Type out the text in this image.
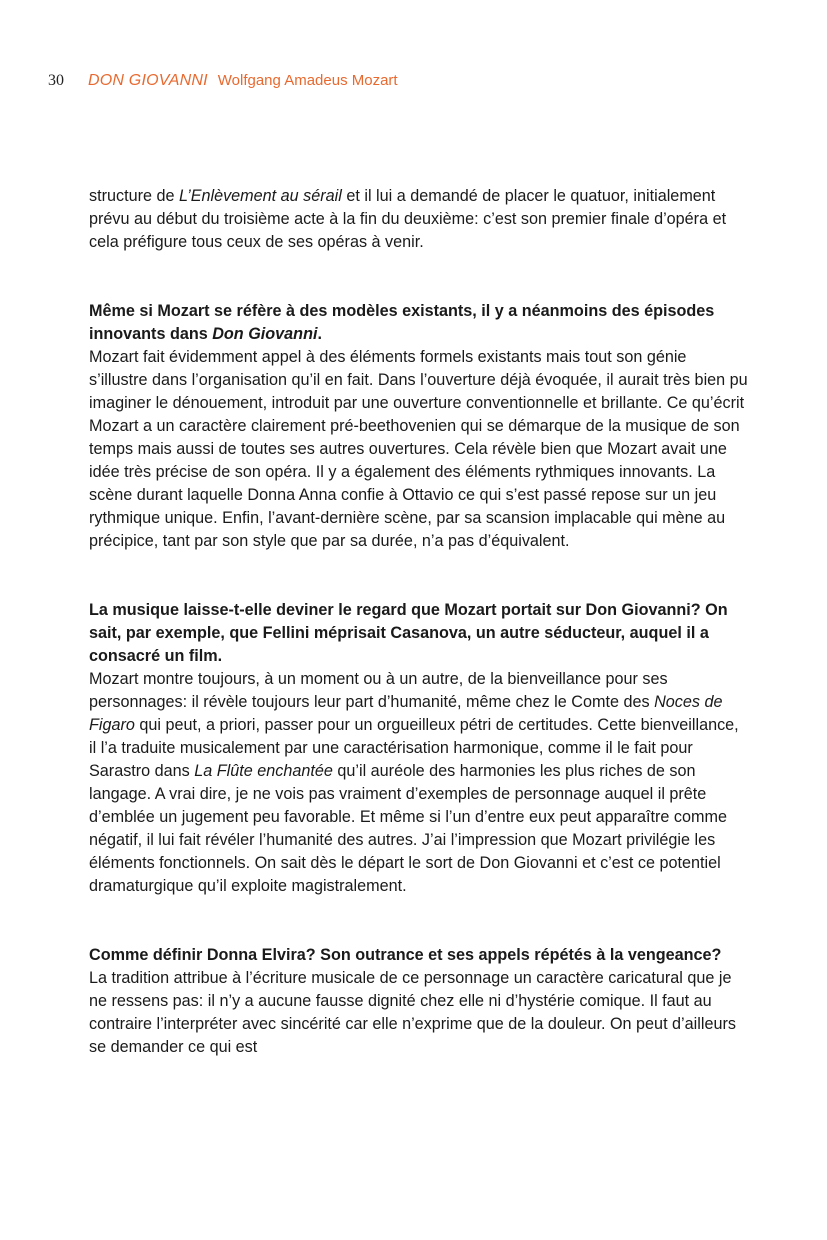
30	DON GIOVANNI Wolfgang Amadeus Mozart

structure de L’Enlèvement au sérail et il lui a demandé de placer le quatuor, initialement prévu au début du troisième acte à la fin du deuxième: c’est son premier finale d’opéra et cela préfigure tous ceux de ses opéras à venir.

Même si Mozart se réfère à des modèles existants, il y a néanmoins des épisodes innovants dans Don Giovanni.

Mozart fait évidemment appel à des éléments formels existants mais tout son génie s’illustre dans l’organisation qu’il en fait. Dans l’ouverture déjà évoquée, il aurait très bien pu imaginer le dénouement, introduit par une ouverture conventionnelle et brillante. Ce qu’écrit Mozart a un caractère clairement pré-beethovenien qui se démarque de la musique de son temps mais aussi de toutes ses autres ouvertures. Cela révèle bien que Mozart avait une idée très précise de son opéra. Il y a également des éléments rythmiques innovants. La scène durant laquelle Donna Anna confie à Ottavio ce qui s’est passé repose sur un jeu rythmique unique. Enfin, l’avant-dernière scène, par sa scansion implacable qui mène au précipice, tant par son style que par sa durée, n’a pas d’équivalent.

La musique laisse-t-elle deviner le regard que Mozart portait sur Don Giovanni? On sait, par exemple, que Fellini méprisait Casanova, un autre séducteur, auquel il a consacré un film.

Mozart montre toujours, à un moment ou à un autre, de la bienveillance pour ses personnages: il révèle toujours leur part d’humanité, même chez le Comte des Noces de Figaro qui peut, a priori, passer pour un orgueilleux pétri de certitudes. Cette bienveillance, il l’a traduite musicalement par une caractérisation harmonique, comme il le fait pour Sarastro dans La Flûte enchantée qu’il auréole des harmonies les plus riches de son langage. A vrai dire, je ne vois pas vraiment d’exemples de personnage auquel il prête d’emblée un jugement peu favorable. Et même si l’un d’entre eux peut apparaître comme négatif, il lui fait révéler l’humanité des autres. J’ai l’impression que Mozart privilégie les éléments fonctionnels. On sait dès le départ le sort de Don Giovanni et c’est ce potentiel dramaturgique qu’il exploite magistralement.

Comme définir Donna Elvira? Son outrance et ses appels répétés à la vengeance?

La tradition attribue à l’écriture musicale de ce personnage un caractère caricatural que je ne ressens pas: il n’y a aucune fausse dignité chez elle ni d’hystérie comique. Il faut au contraire l’interpréter avec sincérité car elle n’exprime que de la douleur. On peut d’ailleurs se demander ce qui est
